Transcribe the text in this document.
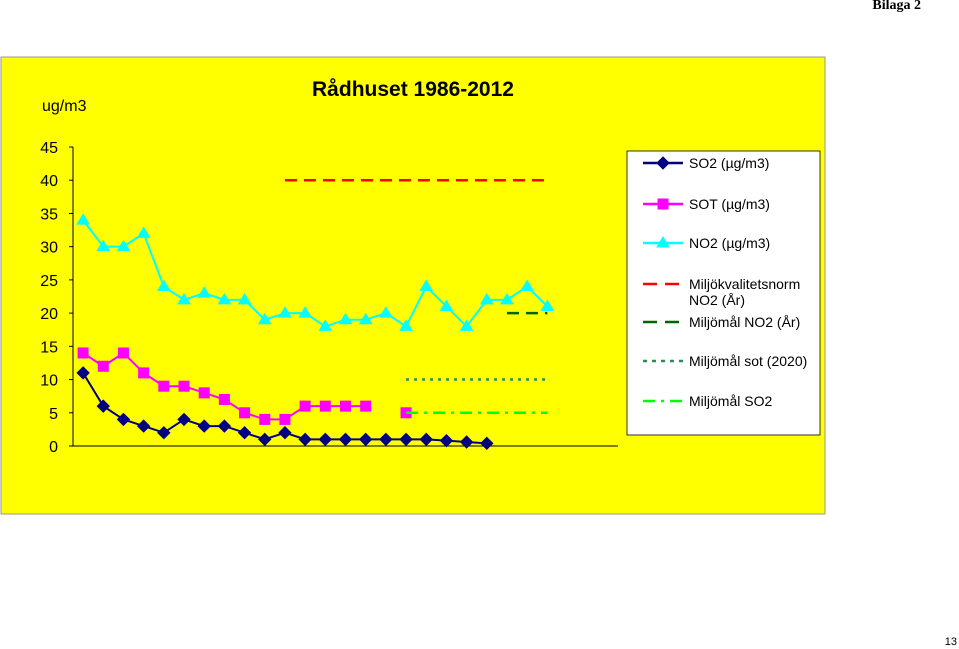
Bilaga 2
Rådhuset 1986-2012
ug/m3
0
5
10
15
20
25
30
35
40
45
SO2 (µg/m3)
SOT (µg/m3)
NO2 (µg/m3)
Miljökvalitetsnorm
NO2 (År)
Miljömål NO2 (År)
Miljömål sot (2020)
Miljömål SO2
13
